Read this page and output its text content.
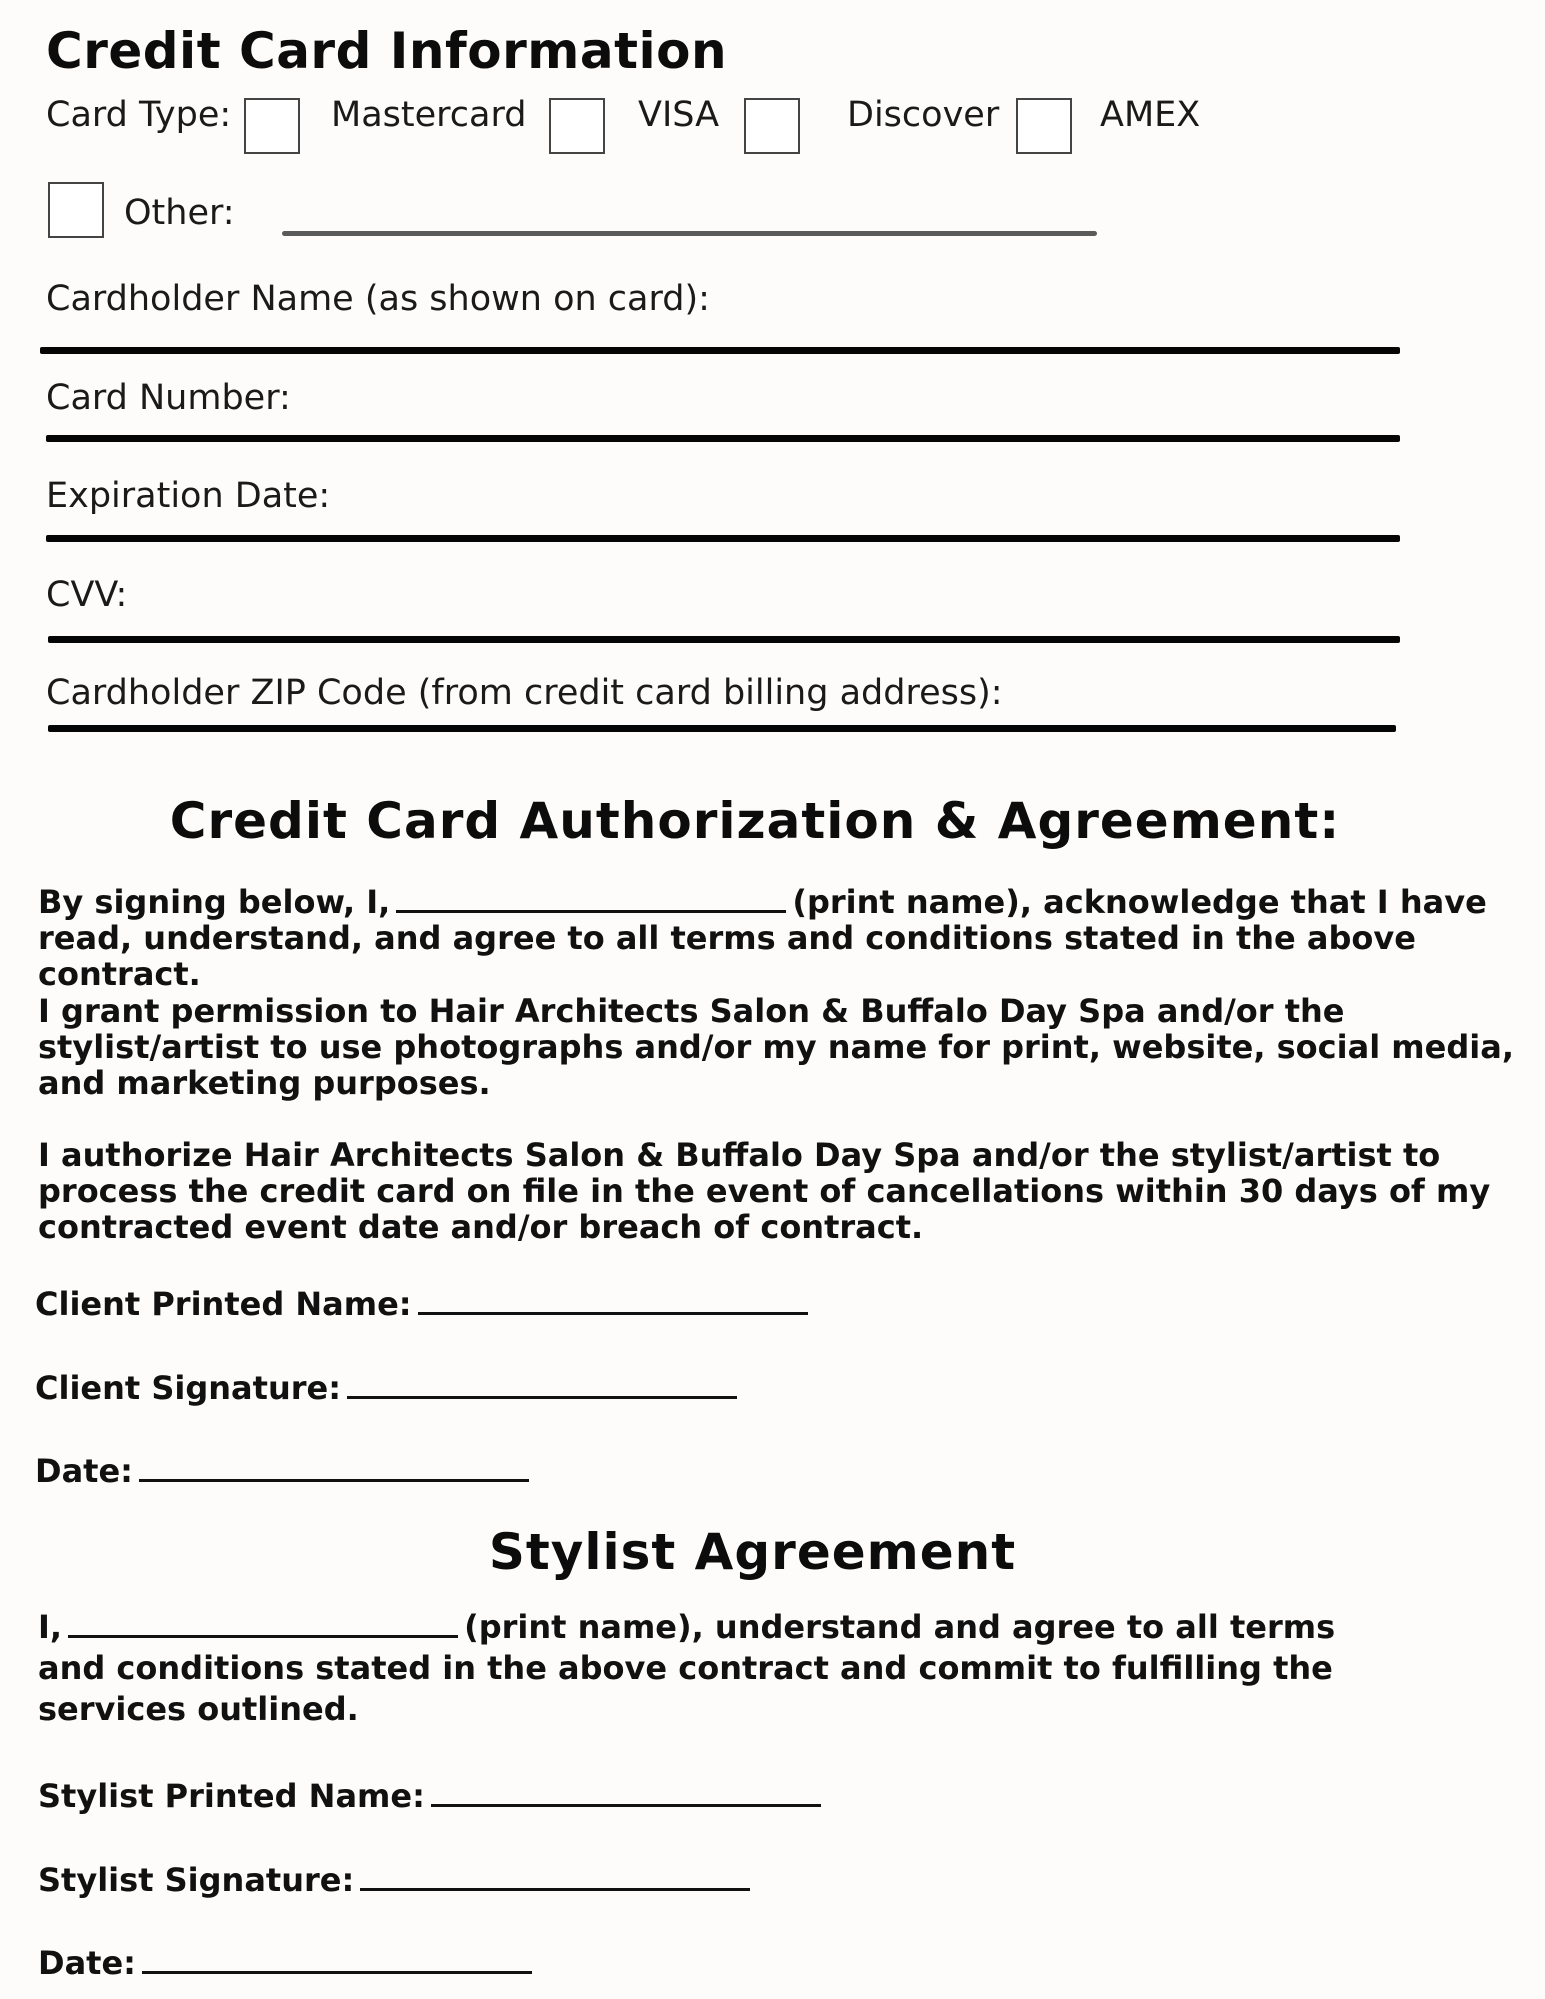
Credit Card Information
Card Type:	Mastercard	VISA	Discover	AMEX
Other:
Cardholder Name (as shown on card):
Card Number:
Expiration Date:
CVV:
Cardholder ZIP Code (from credit card billing address):
Credit Card Authorization & Agreement:
By signing below, I,	(print name), acknowledge that I have read, understand, and agree to all terms and conditions stated in the above contract.
I grant permission to Hair Architects Salon & Buffalo Day Spa and/or the stylist/artist to use photographs and/or my name for print, website, social media, and marketing purposes.
I authorize Hair Architects Salon & Buffalo Day Spa and/or the stylist/artist to process the credit card on file in the event of cancellations within 30 days of my contracted event date and/or breach of contract.
Client Printed Name:
Client Signature:
Date:
Stylist Agreement
I,	(print name), understand and agree to all terms and conditions stated in the above contract and commit to fulfilling the services outlined.
Stylist Printed Name:
Stylist Signature:
Date:
